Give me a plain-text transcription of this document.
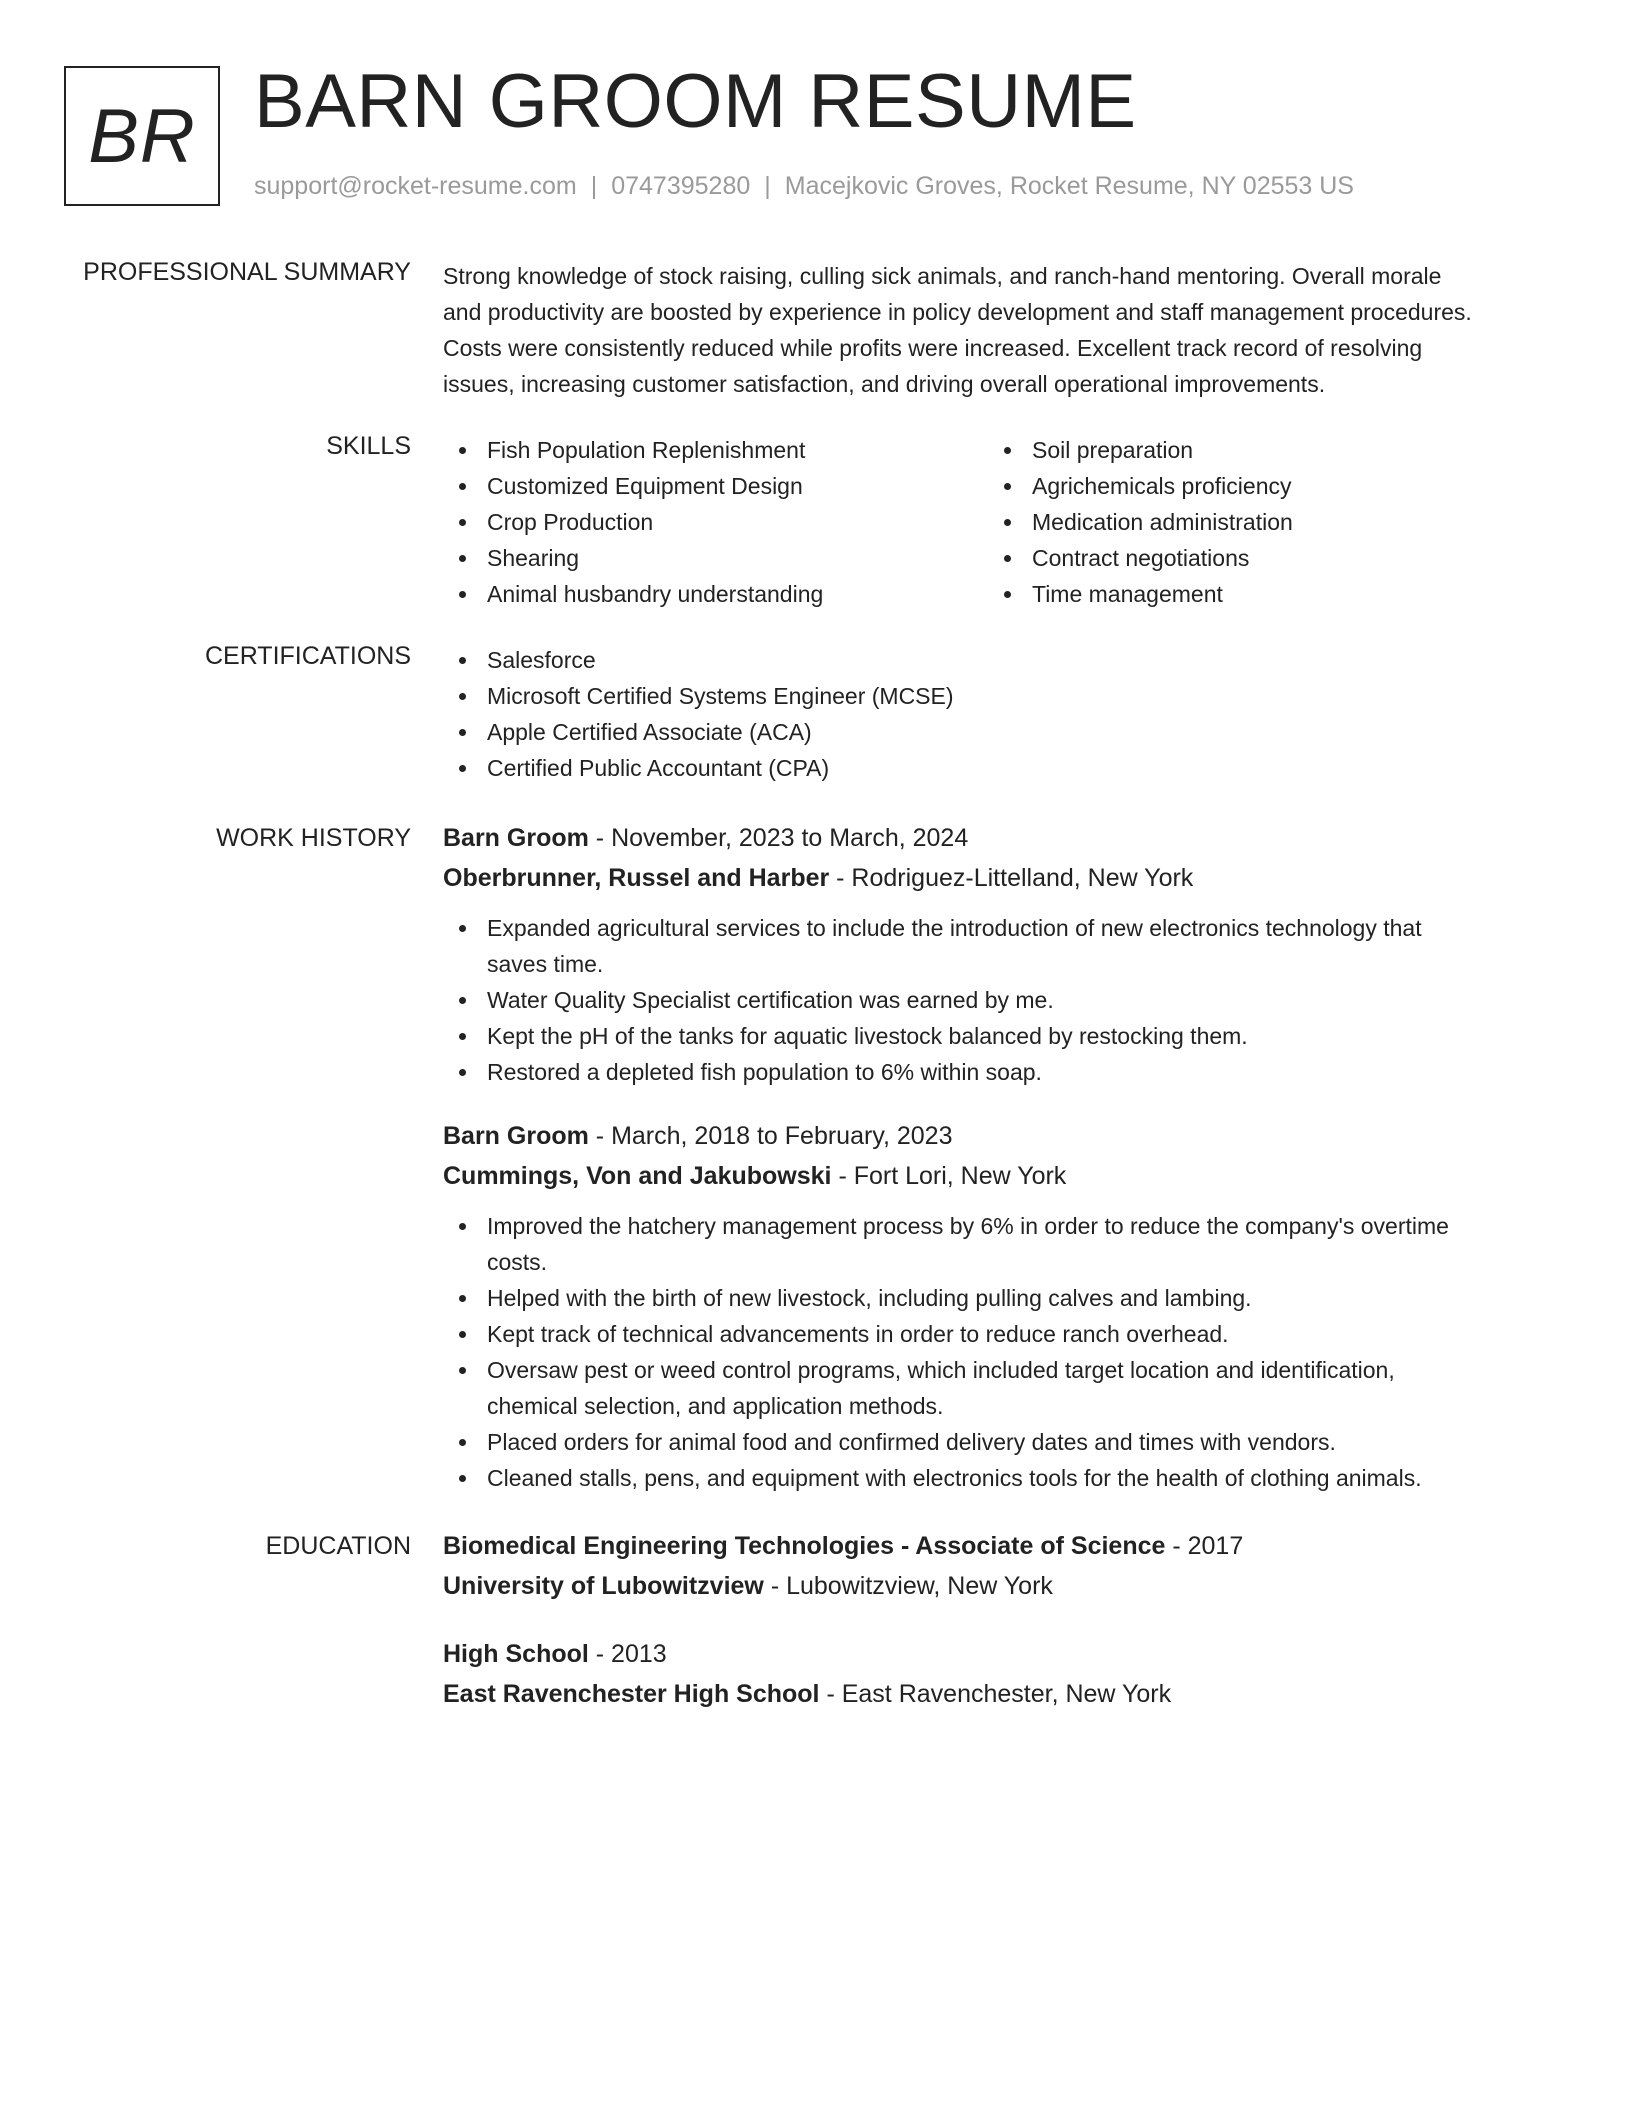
BR BARN GROOM RESUME
support@rocket-resume.com | 0747395280 | Macejkovic Groves, Rocket Resume, NY 02553 US
PROFESSIONAL SUMMARY Strong knowledge of stock raising, culling sick animals, and ranch-hand mentoring. Overall morale
and productivity are boosted by experience in policy development and staff management procedures.
Costs were consistently reduced while profits were increased. Excellent track record of resolving
issues, increasing customer satisfaction, and driving overall operational improvements.
SKILLS	Fish Population Replenishment
Customized Equipment Design
Crop Production
Shearing
Animal husbandry understanding
Soil preparation
Agrichemicals proficiency
Medication administration
Contract negotiations
Time management
CERTIFICATIONS	Salesforce
Microsoft Certified Systems Engineer (MCSE)
Apple Certified Associate (ACA)
Certified Public Accountant (CPA)
WORK HISTORY Barn Groom - November, 2023 to March, 2024
Oberbrunner, Russel and Harber - Rodriguez-Littelland, New York
Expanded agricultural services to include the introduction of new electronics technology that
saves time.
Water Quality Specialist certification was earned by me.
Kept the pH of the tanks for aquatic livestock balanced by restocking them.
Restored a depleted fish population to 6% within soap.
Barn Groom - March, 2018 to February, 2023
Cummings, Von and Jakubowski - Fort Lori, New York
Improved the hatchery management process by 6% in order to reduce the company's overtime
costs.
Helped with the birth of new livestock, including pulling calves and lambing.
Kept track of technical advancements in order to reduce ranch overhead.
Oversaw pest or weed control programs, which included target location and identification,
chemical selection, and application methods.
Placed orders for animal food and confirmed delivery dates and times with vendors.
Cleaned stalls, pens, and equipment with electronics tools for the health of clothing animals.
EDUCATION Biomedical Engineering Technologies - Associate of Science - 2017
University of Lubowitzview - Lubowitzview, New York
High School - 2013
East Ravenchester High School - East Ravenchester, New York
